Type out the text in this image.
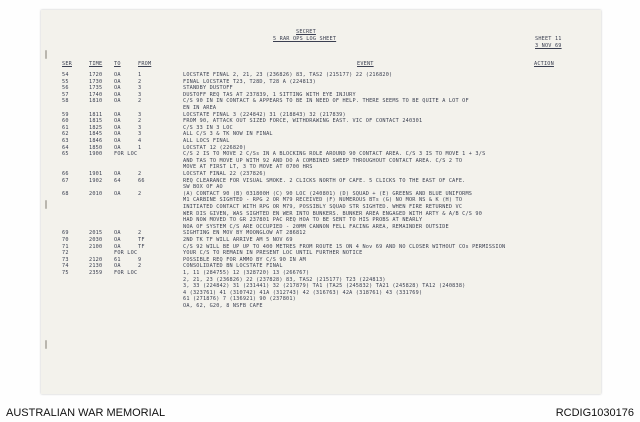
SECRET
5 RAR OPS LOG SHEET	SHEET 11
3 NOV 69
SER	TIME TO	FROM	EVENT	ACTION
54	1720 OA	1	LOCSTATE FINAL 2, 21, 23 (236826) 83, TAS2 (215177) 22 (216820)
55	1730 OA	2	FINAL LOCSTATE T23, T28D, T28 A (224813)
56	1735 OA	3	STANDBY DUSTOFF
57	1740 OA	3	DUSTOFF REQ TAS AT 237839, 1 SITTING WITH EYE INJURY
58	1810 OA	2	C/S 90 IN IN CONTACT & APPEARS TO BE IN NEED OF HELP. THERE SEEMS TO BE QUITE A LOT OF
EN IN AREA
59	1811 OA	3	LOCSTATE FINAL 3 (224842) 31 (218843) 32 (217839)
60	1815 OA	2	FROM 90, ATTACK OUT SIZED FORCE, WITHDRAWING EAST. VIC OF CONTACT 240301
61	1825 OA	3	C/S 33 IN 3 LOC
62	1845 OA	3	ALL C/S 3 & TK NOW IN FINAL
63	1846 OA	4	ALL LOCS FINAL
64	1850 OA	1	LOCSTAT 12 (226820)
65	1900 FOR LOC	C/S 2 IS TO MOVE 2 C/Ss IN A BLOCKING ROLE AROUND 90 CONTACT AREA. C/S 3 IS TO MOVE 1 + 3/S
AND TAS TO MOVE UP WITH 92 AND DO A COMBINED SWEEP THROUGHOUT CONTACT AREA. C/S 2 TO
MOVE AT FIRST LT, 3 TO MOVE AT 0700 HRS
66	1901 OA	2	LOCSTAT FINAL 22 (237826)
67	1902 64	66	REQ CLEARANCE FOR VISUAL SMOKE. 2 CLICKS NORTH OF CAFE. 5 CLICKS TO THE EAST OF CAFE.
SW BOX OF AO
68	2010 OA	2	(A) CONTACT 90 (B) 031800H (C) 90 LOC (240801) (D) SQUAD + (E) GREENS AND BLUE UNIFORMS
M1 CARBINE SIGHTED - RPG 2 OR M79 RECEIVED (F) NUMEROUS BTs (G) NO MOR NS & K (H) TO
INITIATED CONTACT WITH RPG OR M79, POSSIBLY SQUAD STR SIGHTED. WHEN FIRE RETURNED VC
WER DIS GIVEN, WAS SIGHTED EN WER INTO BUNKERS. BUNKER AREA ENGAGED WITH ARTY & A/B C/S 90
HAD NOW MOVED TO GR 237801 PAC REQ HOA TO BE SENT TO HIS PROBS AT NEARLY
NOA OF SYSTEM C/S ARE OCCUPIED - 20MM CANNON FELL FACING AREA, REMAINDER OUTSIDE
69	2015 OA	2	SIGHTING EN MOV BY MOONGLOW AT 286812
70	2030 OA	TF	2ND TK TF WILL ARRIVE AM 5 NOV 69
71	2100 OA	TF	C/S 92 WILL BE UP UP TO 400 METRES FROM ROUTE 15 ON 4 Nov 69 AND NO CLOSER WITHOUT COs PERMISSION
72	FOR LOC	YOUR C/S TO REMAIN IN PRESENT LOC UNTIL FURTHER NOTICE
73	2120 61	9	POSSIBLE REQ FOR AMMO BY C/S 90 IN AM
74	2130 OA	2	CONSOLIDATED BN LOCSTATE FINAL
75	2359 FOR LOC	1, 11 (284755) 12 (328720) 13 (266767)
2, 21, 23 (236826) 22 (237828) 83, TAS2 (215177) T23 (224813)
3, 33 (224842) 31 (231441) 32 (217879) TA1 (TA25 (245832) TA21 (245828) TA12 (240838)
4 (323761) 41 (310742) 41A (312743) 42 (316763) 42A (318761) 43 (331769)
61 (271876) 7 (136921) 90 (237801)
OA, 62, G20, 8 NSFB CAFE
AUSTRALIAN WAR MEMORIAL	RCDIG1030176
